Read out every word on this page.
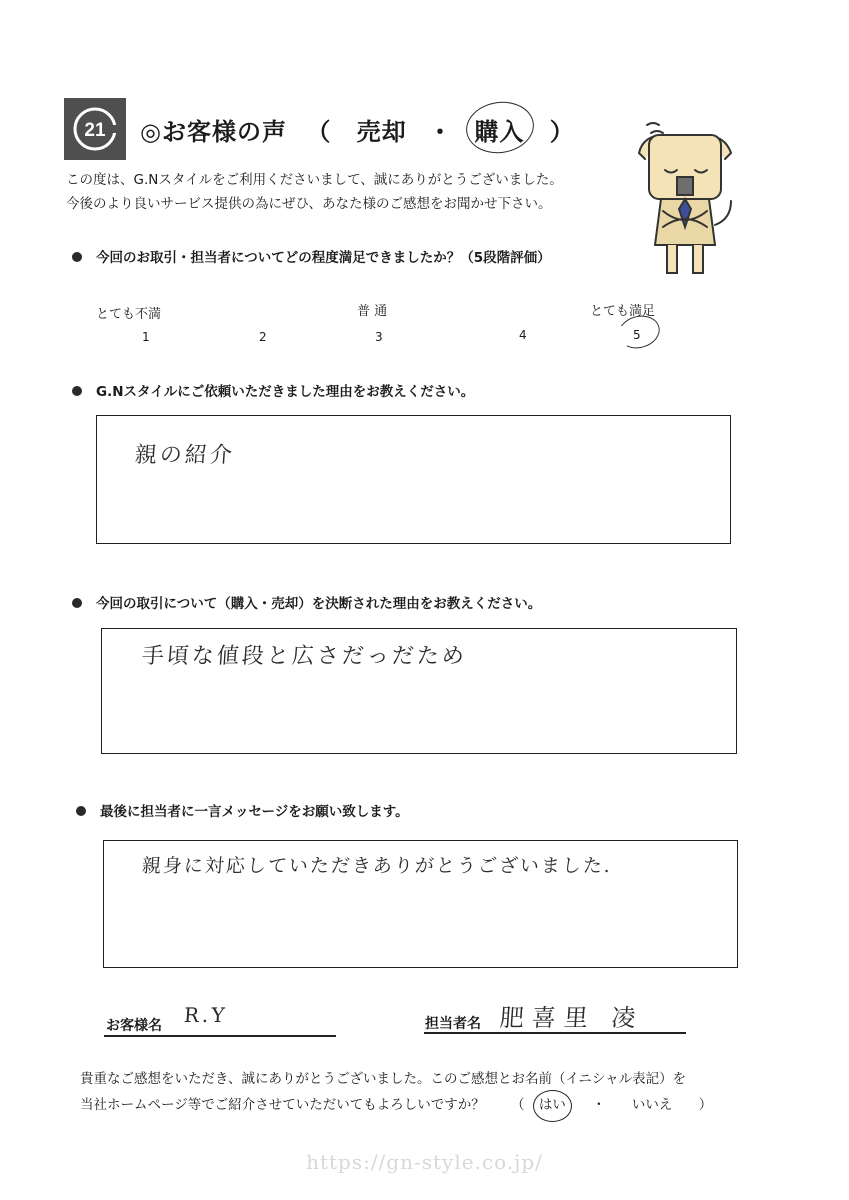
21 ◎お客様の声 （ 売却 ・ 購入 ）
この度は、G.Nスタイルをご利用くださいまして、誠にありがとうございました。
今後のより良いサービス提供の為にぜひ、あなた様のご感想をお聞かせ下さい。
今回のお取引・担当者についてどの程度満足できましたか？（5段階評価）
とても不満	普 通	とても満足
1	2	3	4	5
G.Nスタイルにご依頼いただきました理由をお教えください。
親の紹介
今回の取引について（購入・売却）を決断された理由をお教えください。
手頃な値段と広さだっだため
最後に担当者に一言メッセージをお願い致します。
親身に対応していただきありがとうございました.
お客様名 R.Y	担当者名 肥喜里 凌
貴重なご感想をいただき、誠にありがとうございました。このご感想とお名前（イニシャル表記）を
当社ホームページ等でご紹介させていただいてもよろしいですか？ （ はい ・ いいえ ）
https://gn-style.co.jp/
